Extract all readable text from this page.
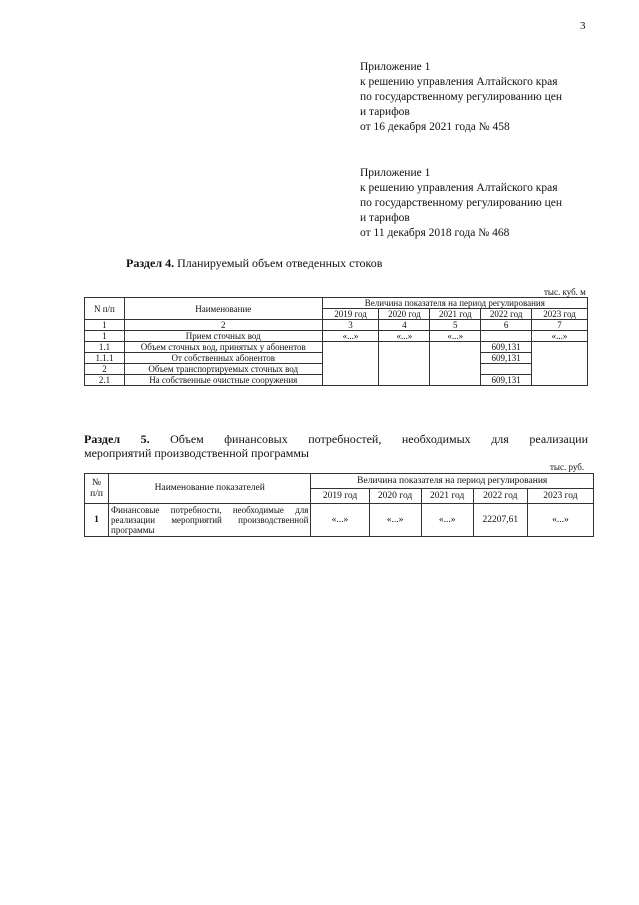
3
Приложение 1
к решению управления Алтайского края
по государственному регулированию цен
и тарифов
от 16 декабря 2021 года № 458
Приложение 1
к решению управления Алтайского края
по государственному регулированию цен
и тарифов
от 11 декабря 2018 года № 468
Раздел 4. Планируемый объем отведенных стоков
тыс. куб. м
N п/п	Наименование	Величина показателя на период регулирования				
		2019 год	2020 год	2021 год	2022 год	2023 год
1	2	3	4	5	6	7
1	Прием сточных вод	«...»	«...»	«...»		«...»
1.1	Объем сточных вод, принятых у абонентов				609,131	
1.1.1	От собственных абонентов				609,131	
2	Объем транспортируемых сточных вод					
2.1	На собственные очистные сооружения				609,131	
Раздел 5. Объем финансовых потребностей, необходимых для реализации
мероприятий производственной программы
тыс. руб.
№ п/п	Наименование показателей	Величина показателя на период регулирования				
		2019 год	2020 год	2021 год	2022 год	2023 год
1	Финансовые потребности, необходимые для реализации мероприятий производственной программы	«...»	«...»	«...»	22207,61	«...»
